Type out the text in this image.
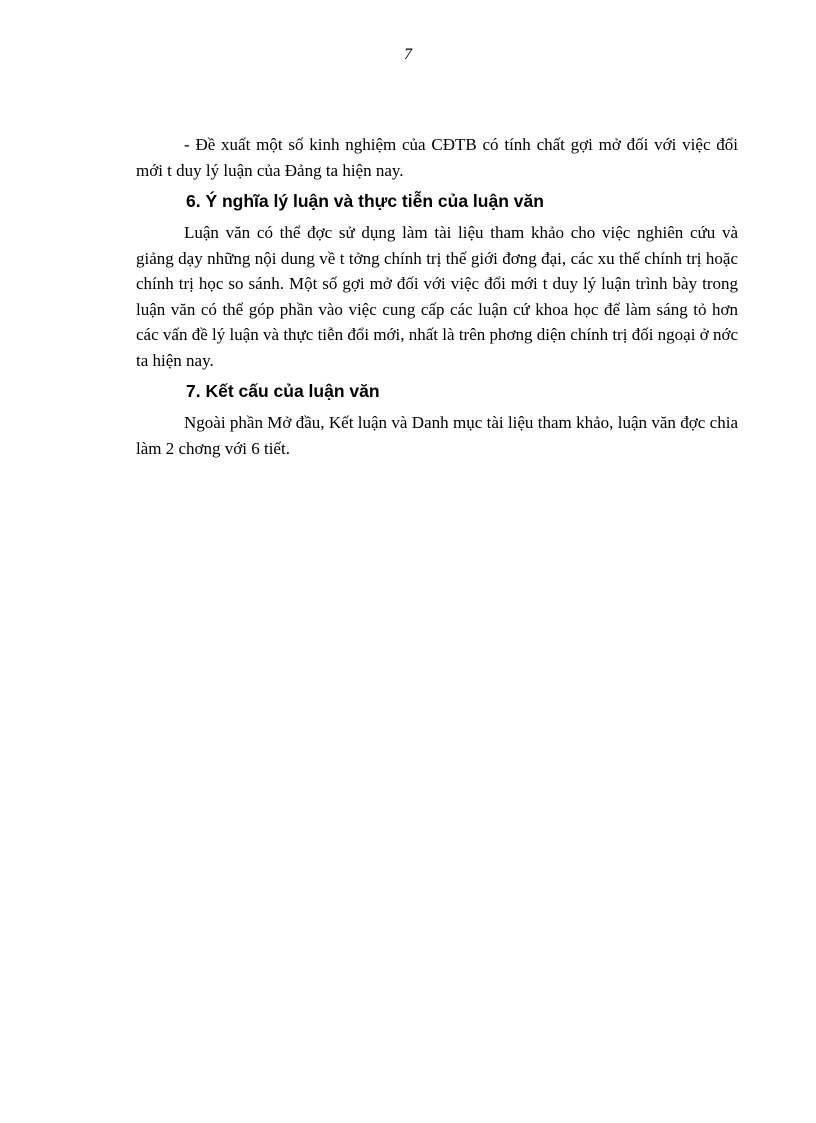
7

- Đề xuất một số kinh nghiệm của CĐTB có tính chất gợi mở đối với việc đổi mới t duy lý luận của Đảng ta hiện nay.

6. Ý nghĩa lý luận và thực tiễn của luận văn

Luận văn có thể đợc sử dụng làm tài liệu tham khảo cho việc nghiên cứu và giảng dạy những nội dung về t tởng chính trị thế giới đơng đại, các xu thế chính trị hoặc chính trị học so sánh. Một số gợi mở đối với việc đổi mới t duy lý luận trình bày trong luận văn có thể góp phần vào việc cung cấp các luận cứ khoa học để làm sáng tỏ hơn các vấn đề lý luận và thực tiễn đổi mới, nhất là trên phơng diện chính trị đối ngoại ở nớc ta hiện nay.

7. Kết cấu của luận văn

Ngoài phần Mở đầu, Kết luận và Danh mục tài liệu tham khảo, luận văn đợc chia làm 2 chơng với 6 tiết.
